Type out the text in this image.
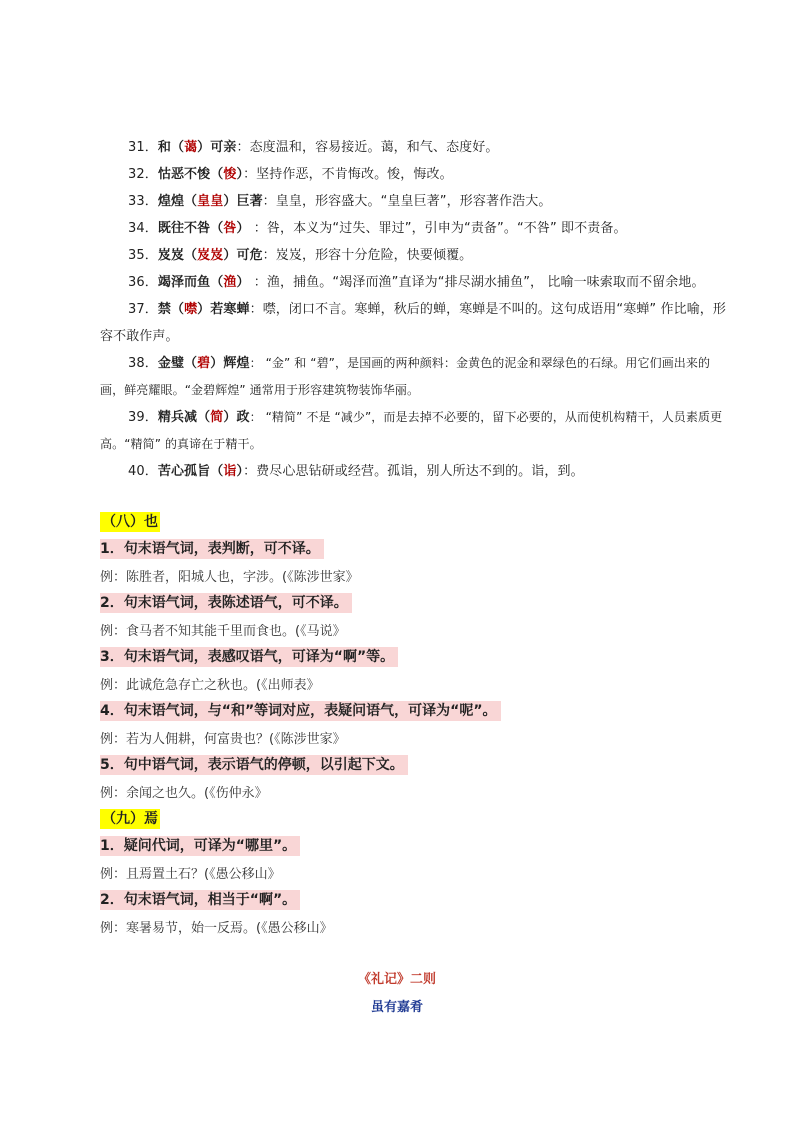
31．和（蔼）可亲：态度温和，容易接近。蔼，和气、态度好。
32．怙恶不悛（悛）：坚持作恶，不肯悔改。悛，悔改。
33．煌煌（皇皇）巨著：皇皇，形容盛大。“皇皇巨著”，形容著作浩大。
34．既往不咎（咎） ：咎，本义为“过失、罪过”，引申为“责备”。“不咎” 即不责备。
35．岌岌（岌岌）可危：岌岌，形容十分危险，快要倾覆。
36．竭泽而鱼（渔） ：渔，捕鱼。“竭泽而渔”直译为“排尽湖水捕鱼”， 比喻一味索取而不留余地。
37．禁（噤）若寒蝉：噤，闭口不言。寒蝉，秋后的蝉，寒蝉是不叫的。这句成语用“寒蝉” 作比喻，形容不敢作声。
38．金璧（碧）辉煌： “金” 和 “碧”，是国画的两种颜料：金黄色的泥金和翠绿色的石绿。用它们画出来的画，鲜亮耀眼。“金碧辉煌” 通常用于形容建筑物装饰华丽。
39．精兵减（简）政： “精简” 不是 “减少”，而是去掉不必要的，留下必要的，从而使机构精干，人员素质更高。“精简” 的真谛在于精干。
40．苦心孤旨（诣）：费尽心思钻研或经营。孤诣，别人所达不到的。诣，到。
（八）也
1．句末语气词，表判断，可不译。
例：陈胜者，阳城人也，字涉。(《陈涉世家》
2．句末语气词，表陈述语气，可不译。
例：食马者不知其能千里而食也。(《马说》
3．句末语气词，表感叹语气，可译为“啊”等。
例：此诚危急存亡之秋也。(《出师表》
4．句末语气词，与“和”等词对应，表疑问语气，可译为“呢”。
例：若为人佣耕，何富贵也？(《陈涉世家》
5．句中语气词，表示语气的停顿，以引起下文。
例：余闻之也久。(《伤仲永》
（九）焉
1．疑问代词，可译为“哪里”。
例：且焉置土石？(《愚公移山》
2．句末语气词，相当于“啊”。
例：寒暑易节，始一反焉。(《愚公移山》
《礼记》二则
虽有嘉肴
